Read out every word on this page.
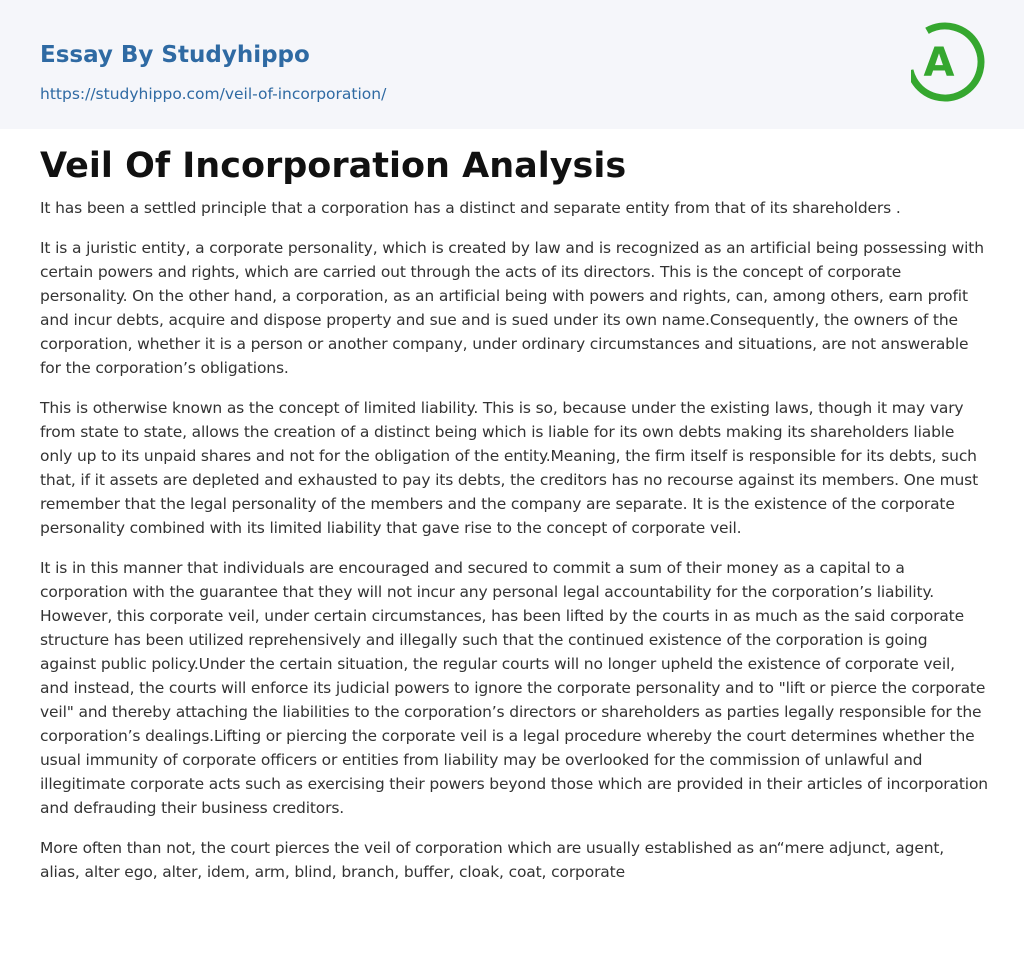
Essay By Studyhippo
https://studyhippo.com/veil-of-incorporation/
A
Veil Of Incorporation Analysis

It has been a settled principle that a corporation has a distinct and separate entity from that of its shareholders .

It is a juristic entity, a corporate personality, which is created by law and is recognized as an artificial being possessing with certain powers and rights, which are carried out through the acts of its directors. This is the concept of corporate personality. On the other hand, a corporation, as an artificial being with powers and rights, can, among others, earn profit and incur debts, acquire and dispose property and sue and is sued under its own name.Consequently, the owners of the corporation, whether it is a person or another company, under ordinary circumstances and situations, are not answerable for the corporation’s obligations.

This is otherwise known as the concept of limited liability. This is so, because under the existing laws, though it may vary from state to state, allows the creation of a distinct being which is liable for its own debts making its shareholders liable only up to its unpaid shares and not for the obligation of the entity.Meaning, the firm itself is responsible for its debts, such that, if it assets are depleted and exhausted to pay its debts, the creditors has no recourse against its members. One must remember that the legal personality of the members and the company are separate. It is the existence of the corporate personality combined with its limited liability that gave rise to the concept of corporate veil.

It is in this manner that individuals are encouraged and secured to commit a sum of their money as a capital to a corporation with the guarantee that they will not incur any personal legal accountability for the corporation’s liability. However, this corporate veil, under certain circumstances, has been lifted by the courts in as much as the said corporate structure has been utilized reprehensively and illegally such that the continued existence of the corporation is going against public policy.Under the certain situation, the regular courts will no longer upheld the existence of corporate veil, and instead, the courts will enforce its judicial powers to ignore the corporate personality and to "lift or pierce the corporate veil" and thereby attaching the liabilities to the corporation’s directors or shareholders as parties legally responsible for the corporation’s dealings.Lifting or piercing the corporate veil is a legal procedure whereby the court determines whether the usual immunity of corporate officers or entities from liability may be overlooked for the commission of unlawful and illegitimate corporate acts such as exercising their powers beyond those which are provided in their articles of incorporation and defrauding their business creditors.

More often than not, the court pierces the veil of corporation which are usually established as an“mere adjunct, agent, alias, alter ego, alter, idem, arm, blind, branch, buffer, cloak, coat, corporate
